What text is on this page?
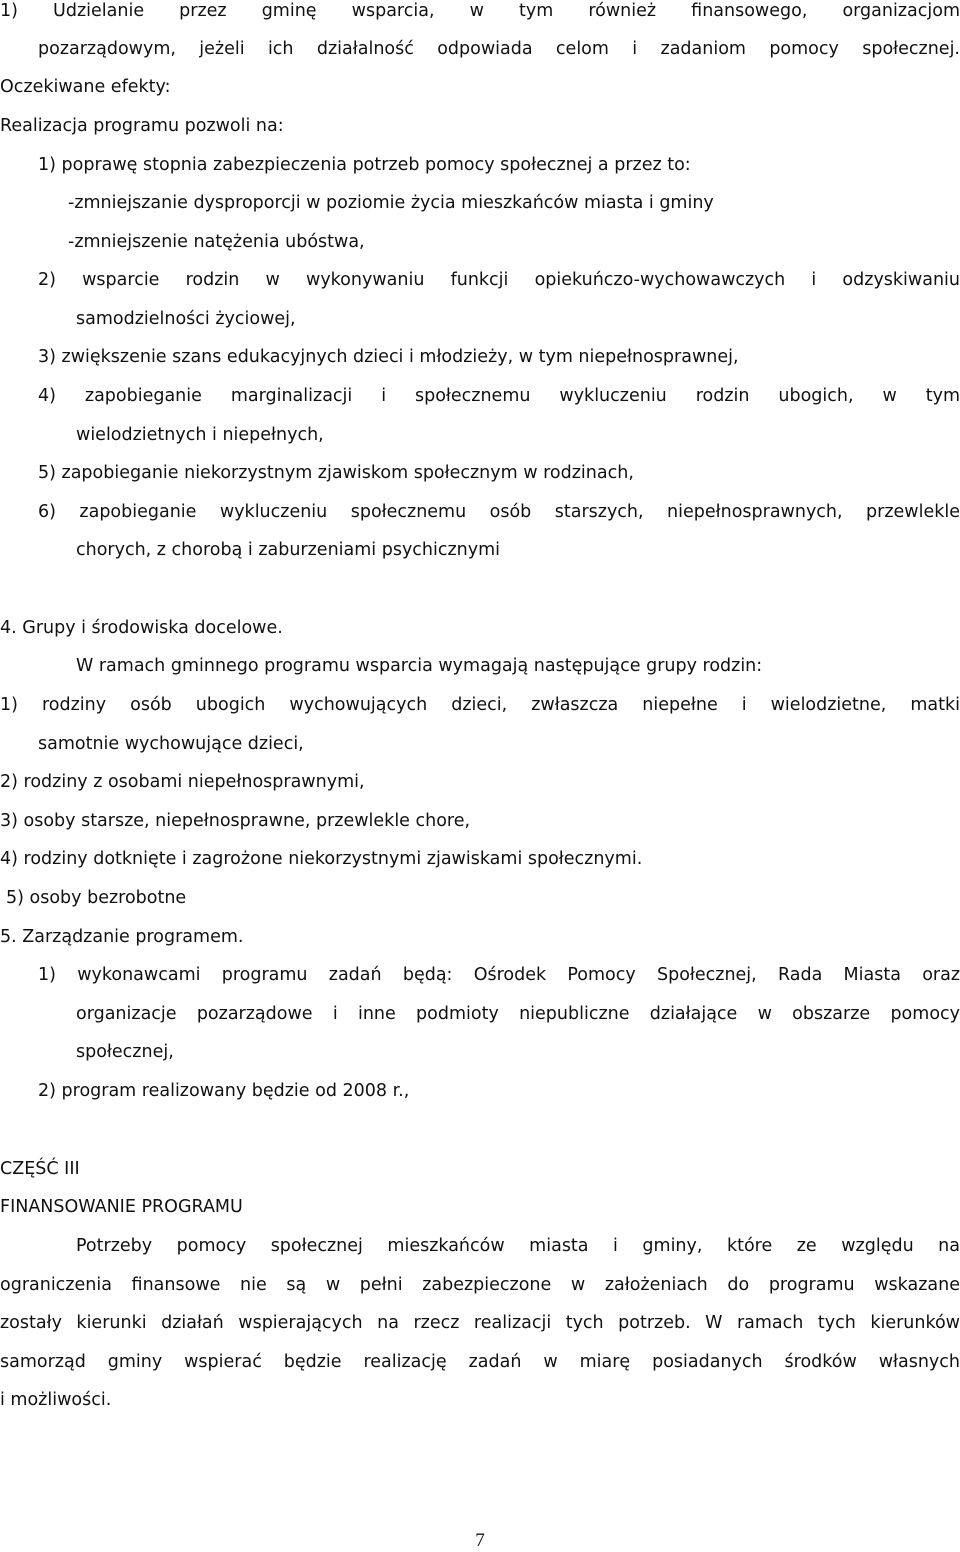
1) Udzielanie przez gminę wsparcia, w tym również finansowego, organizacjom
pozarządowym, jeżeli ich działalność odpowiada celom i zadaniom pomocy społecznej.
Oczekiwane efekty:
Realizacja programu pozwoli na:
1) poprawę stopnia zabezpieczenia potrzeb pomocy społecznej a przez to:
-zmniejszanie dysproporcji w poziomie życia mieszkańców miasta i gminy
-zmniejszenie natężenia ubóstwa,
2) wsparcie rodzin w wykonywaniu funkcji opiekuńczo-wychowawczych i odzyskiwaniu
samodzielności życiowej,
3) zwiększenie szans edukacyjnych dzieci i młodzieży, w tym niepełnosprawnej,
4) zapobieganie marginalizacji i społecznemu wykluczeniu rodzin ubogich, w tym
wielodzietnych i niepełnych,
5) zapobieganie niekorzystnym zjawiskom społecznym w rodzinach,
6) zapobieganie wykluczeniu społecznemu osób starszych, niepełnosprawnych, przewlekle
chorych, z chorobą i zaburzeniami psychicznymi
4. Grupy i środowiska docelowe.
W ramach gminnego programu wsparcia wymagają następujące grupy rodzin:
1) rodziny osób ubogich wychowujących dzieci, zwłaszcza niepełne i wielodzietne, matki
samotnie wychowujące dzieci,
2) rodziny z osobami niepełnosprawnymi,
3) osoby starsze, niepełnosprawne, przewlekle chore,
4) rodziny dotknięte i zagrożone niekorzystnymi zjawiskami społecznymi.
5) osoby bezrobotne
5. Zarządzanie programem.
1) wykonawcami programu zadań będą: Ośrodek Pomocy Społecznej, Rada Miasta oraz
organizacje pozarządowe i inne podmioty niepubliczne działające w obszarze pomocy
społecznej,
2) program realizowany będzie od 2008 r.,
CZĘŚĆ III
FINANSOWANIE PROGRAMU
Potrzeby pomocy społecznej mieszkańców miasta i gminy, które ze względu na
ograniczenia finansowe nie są w pełni zabezpieczone w założeniach do programu wskazane
zostały kierunki działań wspierających na rzecz realizacji tych potrzeb. W ramach tych kierunków
samorząd gminy wspierać będzie realizację zadań w miarę posiadanych środków własnych
i możliwości.
7
